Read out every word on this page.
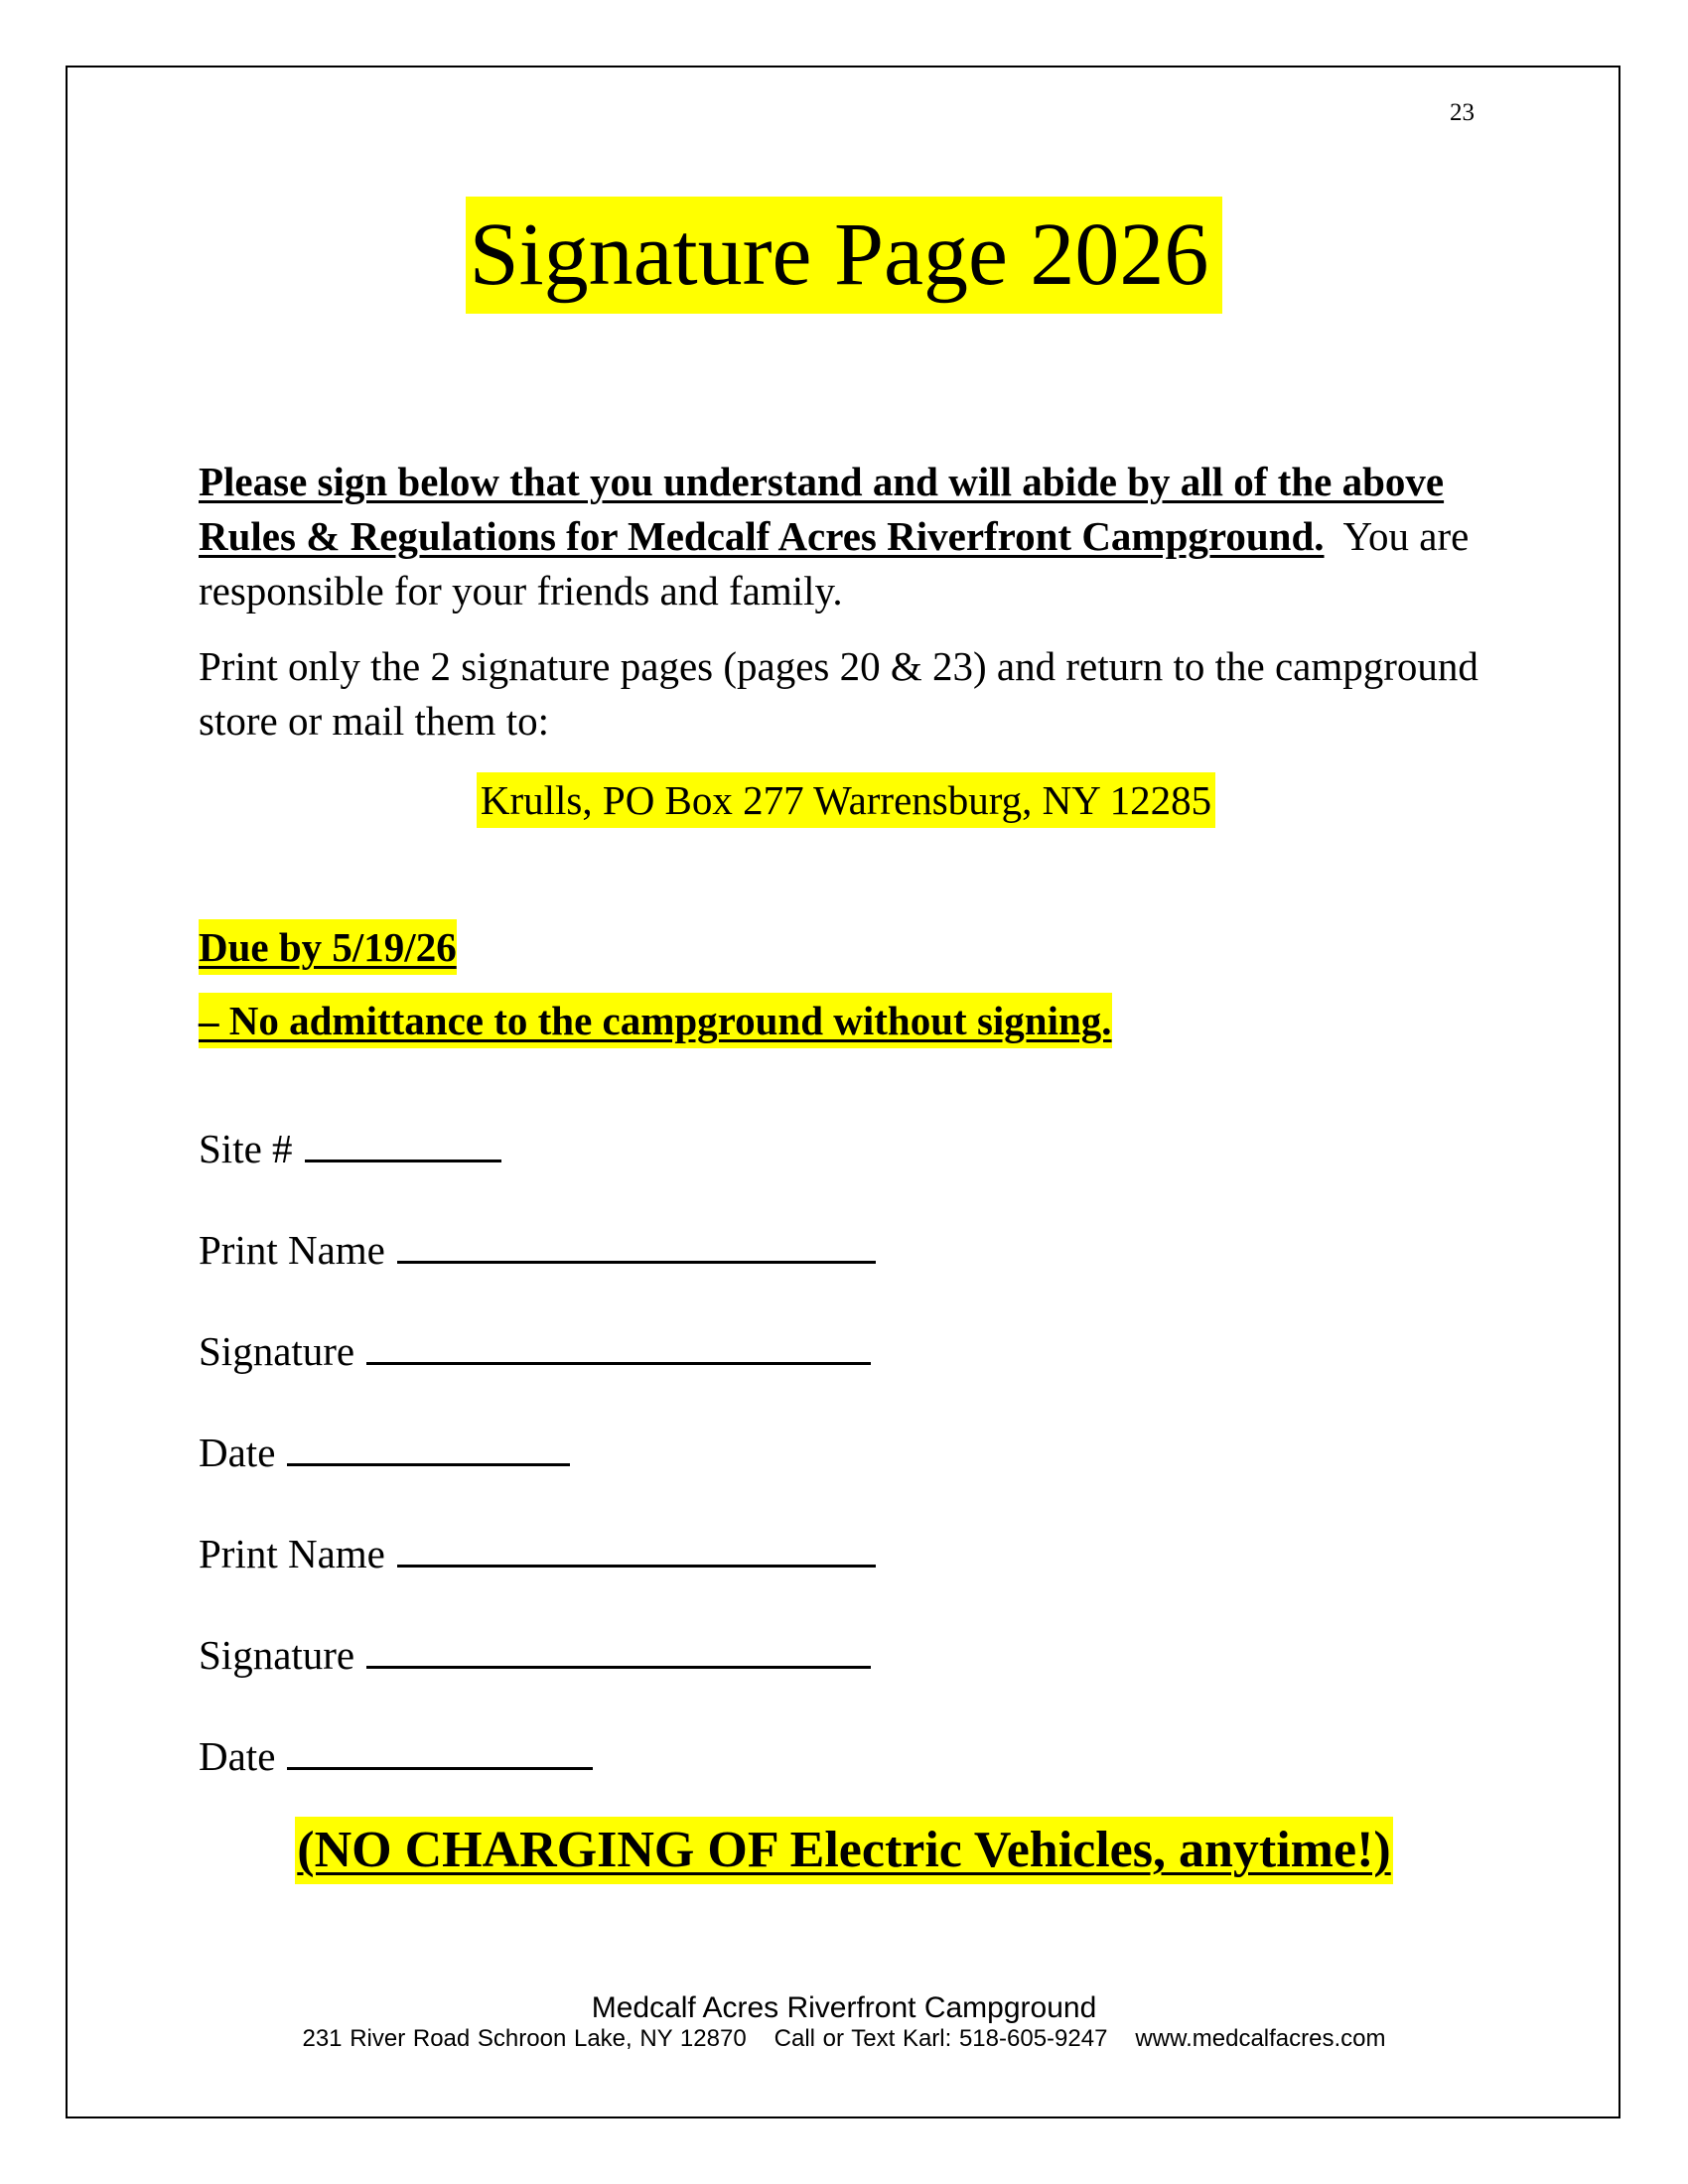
23
Signature Page 2026
Please sign below that you understand and will abide by all of the above Rules & Regulations for Medcalf Acres Riverfront Campground. You are responsible for your friends and family.
Print only the 2 signature pages (pages 20 & 23) and return to the campground store or mail them to:
Krulls, PO Box 277 Warrensburg, NY 12285
Due by 5/19/26
– No admittance to the campground without signing.
Site #
Print Name
Signature
Date
Print Name
Signature
Date
(NO CHARGING OF Electric Vehicles, anytime!)
Medcalf Acres Riverfront Campground
231 River Road Schroon Lake, NY 12870 Call or Text Karl: 518-605-9247 www.medcalfacres.com
